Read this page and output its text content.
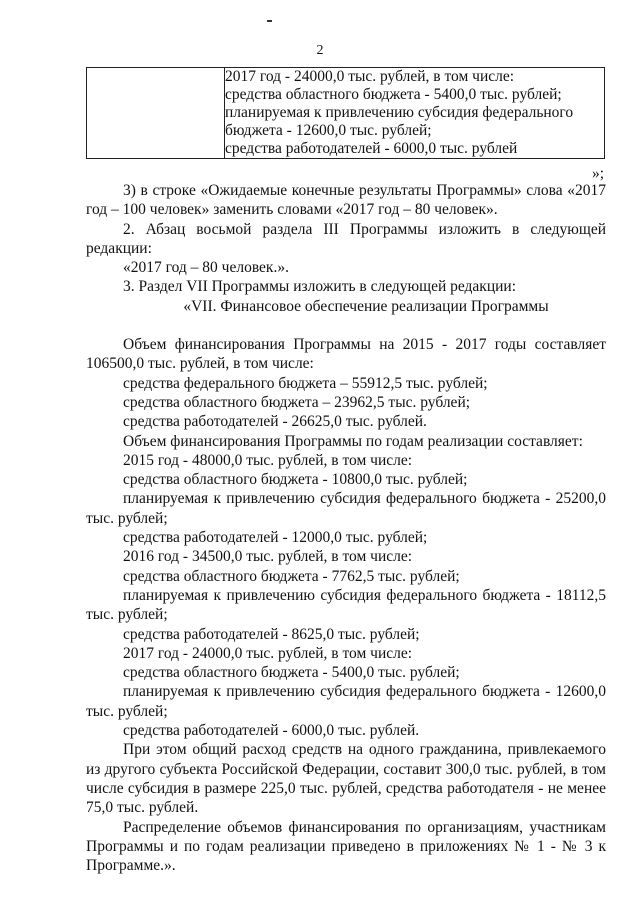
2

2017 год - 24000,0 тыс. рублей, в том числе:
средства областного бюджета - 5400,0 тыс. рублей;
планируемая к привлечению субсидия федерального
бюджета - 12600,0 тыс. рублей;
средства работодателей - 6000,0 тыс. рублей
»;

3) в строке «Ожидаемые конечные результаты Программы» слова «2017 год – 100 человек» заменить словами «2017 год – 80 человек».

2. Абзац восьмой раздела III Программы изложить в следующей редакции:

«2017 год – 80 человек.».

3. Раздел VII Программы изложить в следующей редакции:

«VII. Финансовое обеспечение реализации Программы

Объем финансирования Программы на 2015 - 2017 годы составляет 106500,0 тыс. рублей, в том числе:

средства федерального бюджета – 55912,5 тыс. рублей;

средства областного бюджета – 23962,5 тыс. рублей;

средства работодателей - 26625,0 тыс. рублей.

Объем финансирования Программы по годам реализации составляет:

2015 год - 48000,0 тыс. рублей, в том числе:

средства областного бюджета - 10800,0 тыс. рублей;

планируемая к привлечению субсидия федерального бюджета - 25200,0 тыс. рублей;

средства работодателей - 12000,0 тыс. рублей;

2016 год - 34500,0 тыс. рублей, в том числе:

средства областного бюджета - 7762,5 тыс. рублей;

планируемая к привлечению субсидия федерального бюджета - 18112,5 тыс. рублей;

средства работодателей - 8625,0 тыс. рублей;

2017 год - 24000,0 тыс. рублей, в том числе:

средства областного бюджета - 5400,0 тыс. рублей;

планируемая к привлечению субсидия федерального бюджета - 12600,0 тыс. рублей;

средства работодателей - 6000,0 тыс. рублей.

При этом общий расход средств на одного гражданина, привлекаемого из другого субъекта Российской Федерации, составит 300,0 тыс. рублей, в том числе субсидия в размере 225,0 тыс. рублей, средства работодателя - не менее 75,0 тыс. рублей.

Распределение объемов финансирования по организациям, участникам Программы и по годам реализации приведено в приложениях № 1 - № 3 к Программе.».
